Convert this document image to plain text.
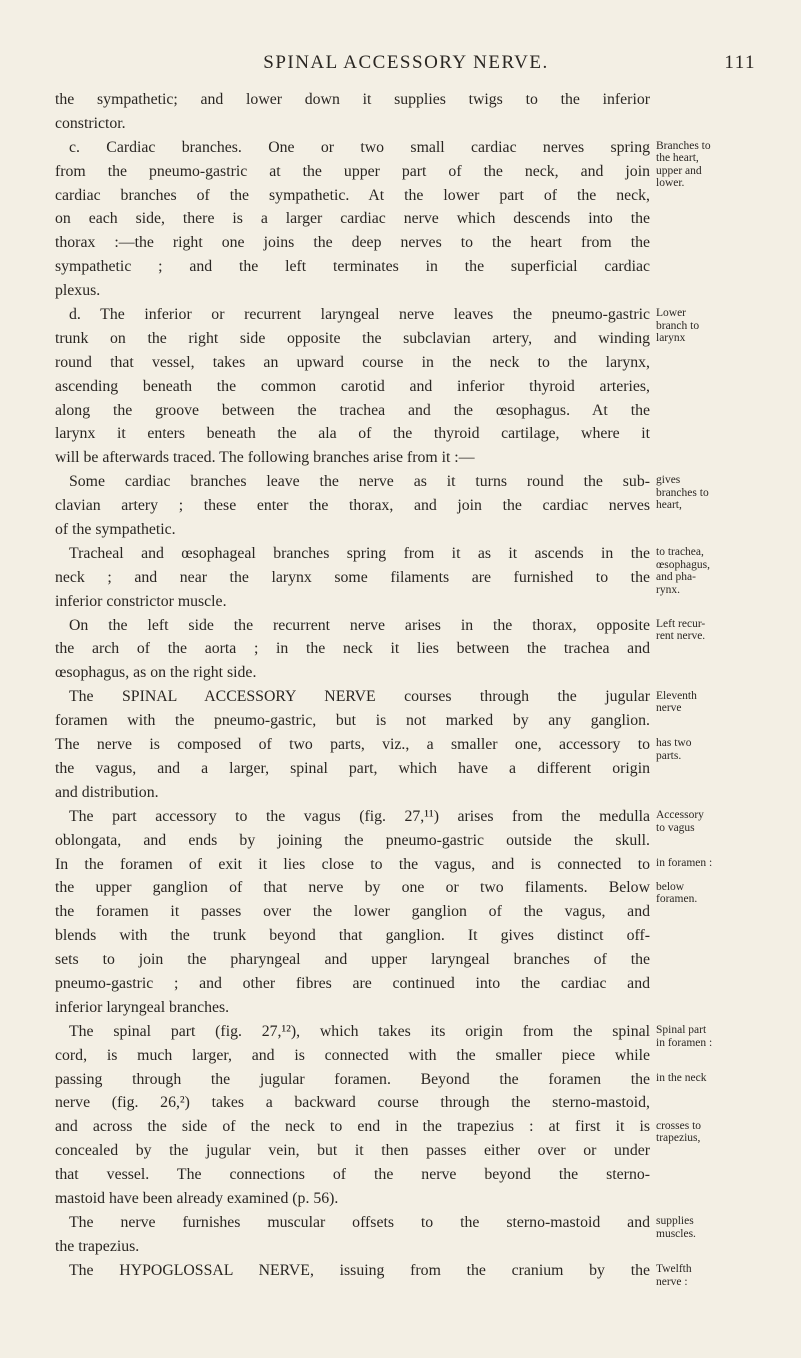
SPINAL ACCESSORY NERVE.	111

the sympathetic; and lower down it supplies twigs to the inferior

constrictor.

c. Cardiac branches. One or two small cardiac nerves spring

from the pneumo-gastric at the upper part of the neck, and join

cardiac branches of the sympathetic. At the lower part of the neck,

on each side, there is a larger cardiac nerve which descends into the

thorax :—the right one joins the deep nerves to the heart from the

sympathetic ; and the left terminates in the superficial cardiac

plexus.

d. The inferior or recurrent laryngeal nerve leaves the pneumo-gastric

trunk on the right side opposite the subclavian artery, and winding

round that vessel, takes an upward course in the neck to the larynx,

ascending beneath the common carotid and inferior thyroid arteries,

along the groove between the trachea and the œsophagus. At the

larynx it enters beneath the ala of the thyroid cartilage, where it

will be afterwards traced. The following branches arise from it :—

Some cardiac branches leave the nerve as it turns round the sub-

clavian artery ; these enter the thorax, and join the cardiac nerves

of the sympathetic.

Tracheal and œsophageal branches spring from it as it ascends in the

neck ; and near the larynx some filaments are furnished to the

inferior constrictor muscle.

On the left side the recurrent nerve arises in the thorax, opposite

the arch of the aorta ; in the neck it lies between the trachea and

œsophagus, as on the right side.

The SPINAL ACCESSORY NERVE courses through the jugular

foramen with the pneumo-gastric, but is not marked by any ganglion.

The nerve is composed of two parts, viz., a smaller one, accessory to

the vagus, and a larger, spinal part, which have a different origin

and distribution.

The part accessory to the vagus (fig. 27,¹¹) arises from the medulla

oblongata, and ends by joining the pneumo-gastric outside the skull.

In the foramen of exit it lies close to the vagus, and is connected to

the upper ganglion of that nerve by one or two filaments. Below

the foramen it passes over the lower ganglion of the vagus, and

blends with the trunk beyond that ganglion. It gives distinct off-

sets to join the pharyngeal and upper laryngeal branches of the

pneumo-gastric ; and other fibres are continued into the cardiac and

inferior laryngeal branches.

The spinal part (fig. 27,¹²), which takes its origin from the spinal

cord, is much larger, and is connected with the smaller piece while

passing through the jugular foramen. Beyond the foramen the

nerve (fig. 26,²) takes a backward course through the sterno-mastoid,

and across the side of the neck to end in the trapezius : at first it is

concealed by the jugular vein, but it then passes either over or under

that vessel. The connections of the nerve beyond the sterno-

mastoid have been already examined (p. 56).

The nerve furnishes muscular offsets to the sterno-mastoid and

the trapezius.

The HYPOGLOSSAL NERVE, issuing from the cranium by the

Branches to
the heart,
upper and
lower.
Lower
branch to
larynx
gives
branches to
heart,
to trachea,
œsophagus,
and pha-
rynx.
Left recur-
rent nerve.
Eleventh
nerve
has two
parts.
Accessory
to vagus
in foramen :
below
foramen.
Spinal part
in foramen :
in the neck
crosses to
trapezius,
supplies
muscles.
Twelfth
nerve :
